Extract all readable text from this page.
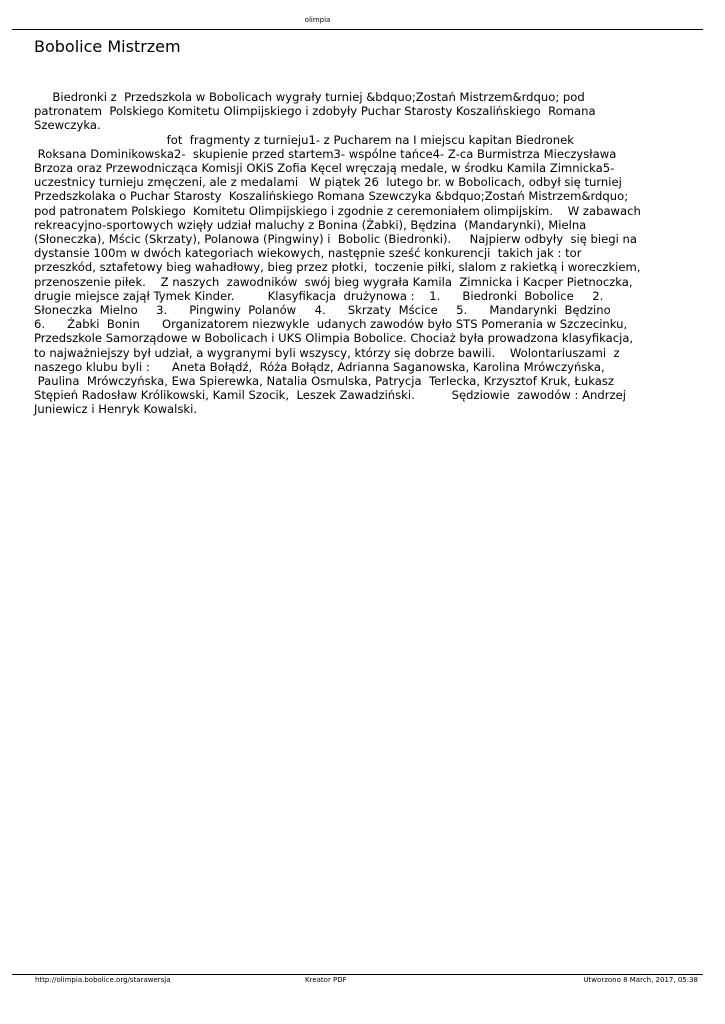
olimpia
Bobolice Mistrzem
Biedronki z  Przedszkola w Bobolicach wygrały turniej &bdquo;Zostań Mistrzem&rdquo; pod
patronatem  Polskiego Komitetu Olimpijskiego i zdobyły Puchar Starosty Koszalińskiego  Romana
Szewczyka.
fot  fragmenty z turnieju1- z Pucharem na I miejscu kapitan Biedronek
Roksana Dominikowska2-  skupienie przed startem3- wspólne tańce4- Z-ca Burmistrza Mieczysława
Brzoza oraz Przewodnicząca Komisji OKiS Zofia Kęcel wręczają medale, w środku Kamila Zimnicka5-
uczestnicy turnieju zmęczeni, ale z medalami   W piątek 26  lutego br. w Bobolicach, odbył się turniej
Przedszkolaka o Puchar Starosty  Koszalińskiego Romana Szewczyka &bdquo;Zostań Mistrzem&rdquo;
pod patronatem Polskiego  Komitetu Olimpijskiego i zgodnie z ceremoniałem olimpijskim.    W zabawach
rekreacyjno-sportowych wzięły udział maluchy z Bonina (Żabki), Będzina  (Mandarynki), Mielna
(Słoneczka), Mścic (Skrzaty), Polanowa (Pingwiny) i  Bobolic (Biedronki).     Najpierw odbyły  się biegi na
dystansie 100m w dwóch kategoriach wiekowych, następnie sześć konkurencji  takich jak : tor
przeszkód, sztafetowy bieg wahadłowy, bieg przez płotki,  toczenie piłki, slalom z rakietką i woreczkiem,
przenoszenie piłek.    Z naszych  zawodników  swój bieg wygrała Kamila  Zimnicka i Kacper Pietnoczka,
drugie miejsce zajął Tymek Kinder.         Klasyfikacja  drużynowa :    1.      Biedronki  Bobolice     2.
Słoneczka  Mielno     3.      Pingwiny  Polanów     4.      Skrzaty  Mścice     5.      Mandarynki  Będzino
6.      Żabki  Bonin      Organizatorem niezwykle  udanych zawodów było STS Pomerania w Szczecinku,
Przedszkole Samorządowe w Bobolicach i UKS Olimpia Bobolice. Chociaż była prowadzona klasyfikacja,
to najważniejszy był udział, a wygranymi byli wszyscy, którzy się dobrze bawili.    Wolontariuszami  z
naszego klubu byli :      Aneta Bołądź,  Róża Bołądz, Adrianna Saganowska, Karolina Mrówczyńska,
Paulina  Mrówczyńska, Ewa Spierewka, Natalia Osmulska, Patrycja  Terlecka, Krzysztof Kruk, Łukasz
Stępień Radosław Królikowski, Kamil Szocik,  Leszek Zawadziński.          Sędziowie  zawodów : Andrzej
Juniewicz i Henryk Kowalski.
http://olimpia.bobolice.org/starawersja	Kreator PDF	Utworzono 8 March, 2017, 05:38
